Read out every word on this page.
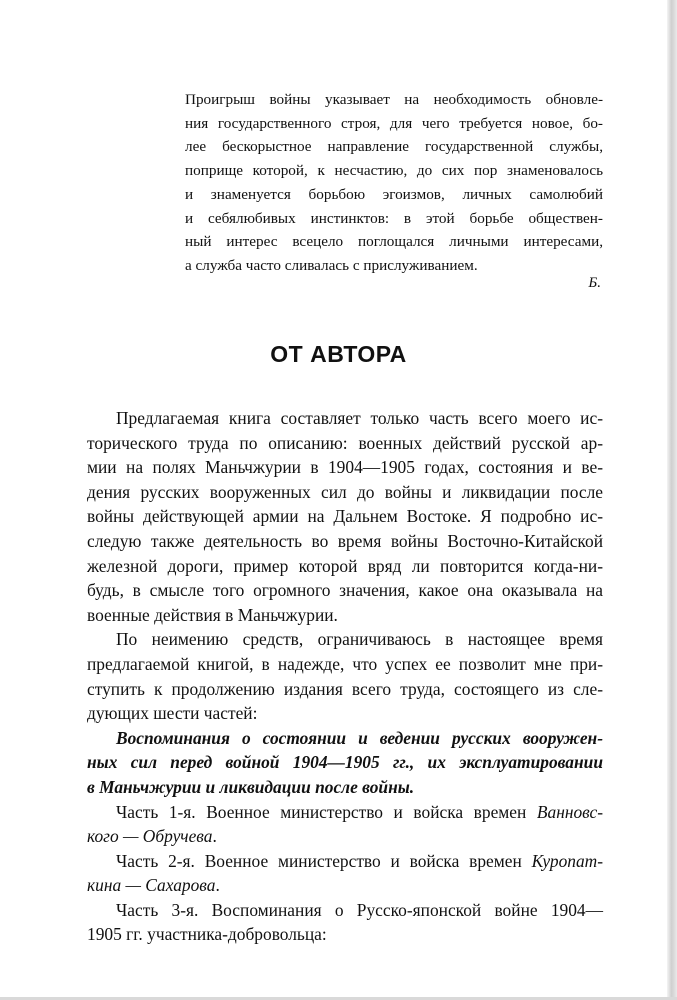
Проигрыш войны указывает на необходимость обновле-
ния государственного строя, для чего требуется новое, бо-
лее бескорыстное направление государственной службы,
поприще которой, к несчастию, до сих пор знаменовалось
и знаменуется борьбою эгоизмов, личных самолюбий
и себялюбивых инстинктов: в этой борьбе обществен-
ный интерес всецело поглощался личными интересами,
а служба часто сливалась с прислуживанием.
Б.
ОТ АВТОРА
Предлагаемая книга составляет только часть всего моего ис-
торического труда по описанию: военных действий русской ар-
мии на полях Маньчжурии в 1904—1905 годах, состояния и ве-
дения русских вооруженных сил до войны и ликвидации после
войны действующей армии на Дальнем Востоке. Я подробно ис-
следую также деятельность во время войны Восточно-Китайской
железной дороги, пример которой вряд ли повторится когда-ни-
будь, в смысле того огромного значения, какое она оказывала на
военные действия в Маньчжурии.
По неимению средств, ограничиваюсь в настоящее время
предлагаемой книгой, в надежде, что успех ее позволит мне при-
ступить к продолжению издания всего труда, состоящего из сле-
дующих шести частей:
Воспоминания о состоянии и ведении русских вооружен-
ных сил перед войной 1904—1905 гг., их эксплуатировании
в Маньчжурии и ликвидации после войны.
Часть 1-я. Военное министерство и войска времен Ванновс-
кого — Обручева.
Часть 2-я. Военное министерство и войска времен Куропат-
кина — Сахарова.
Часть 3-я. Воспоминания о Русско-японской войне 1904—
1905 гг. участника-добровольца:
